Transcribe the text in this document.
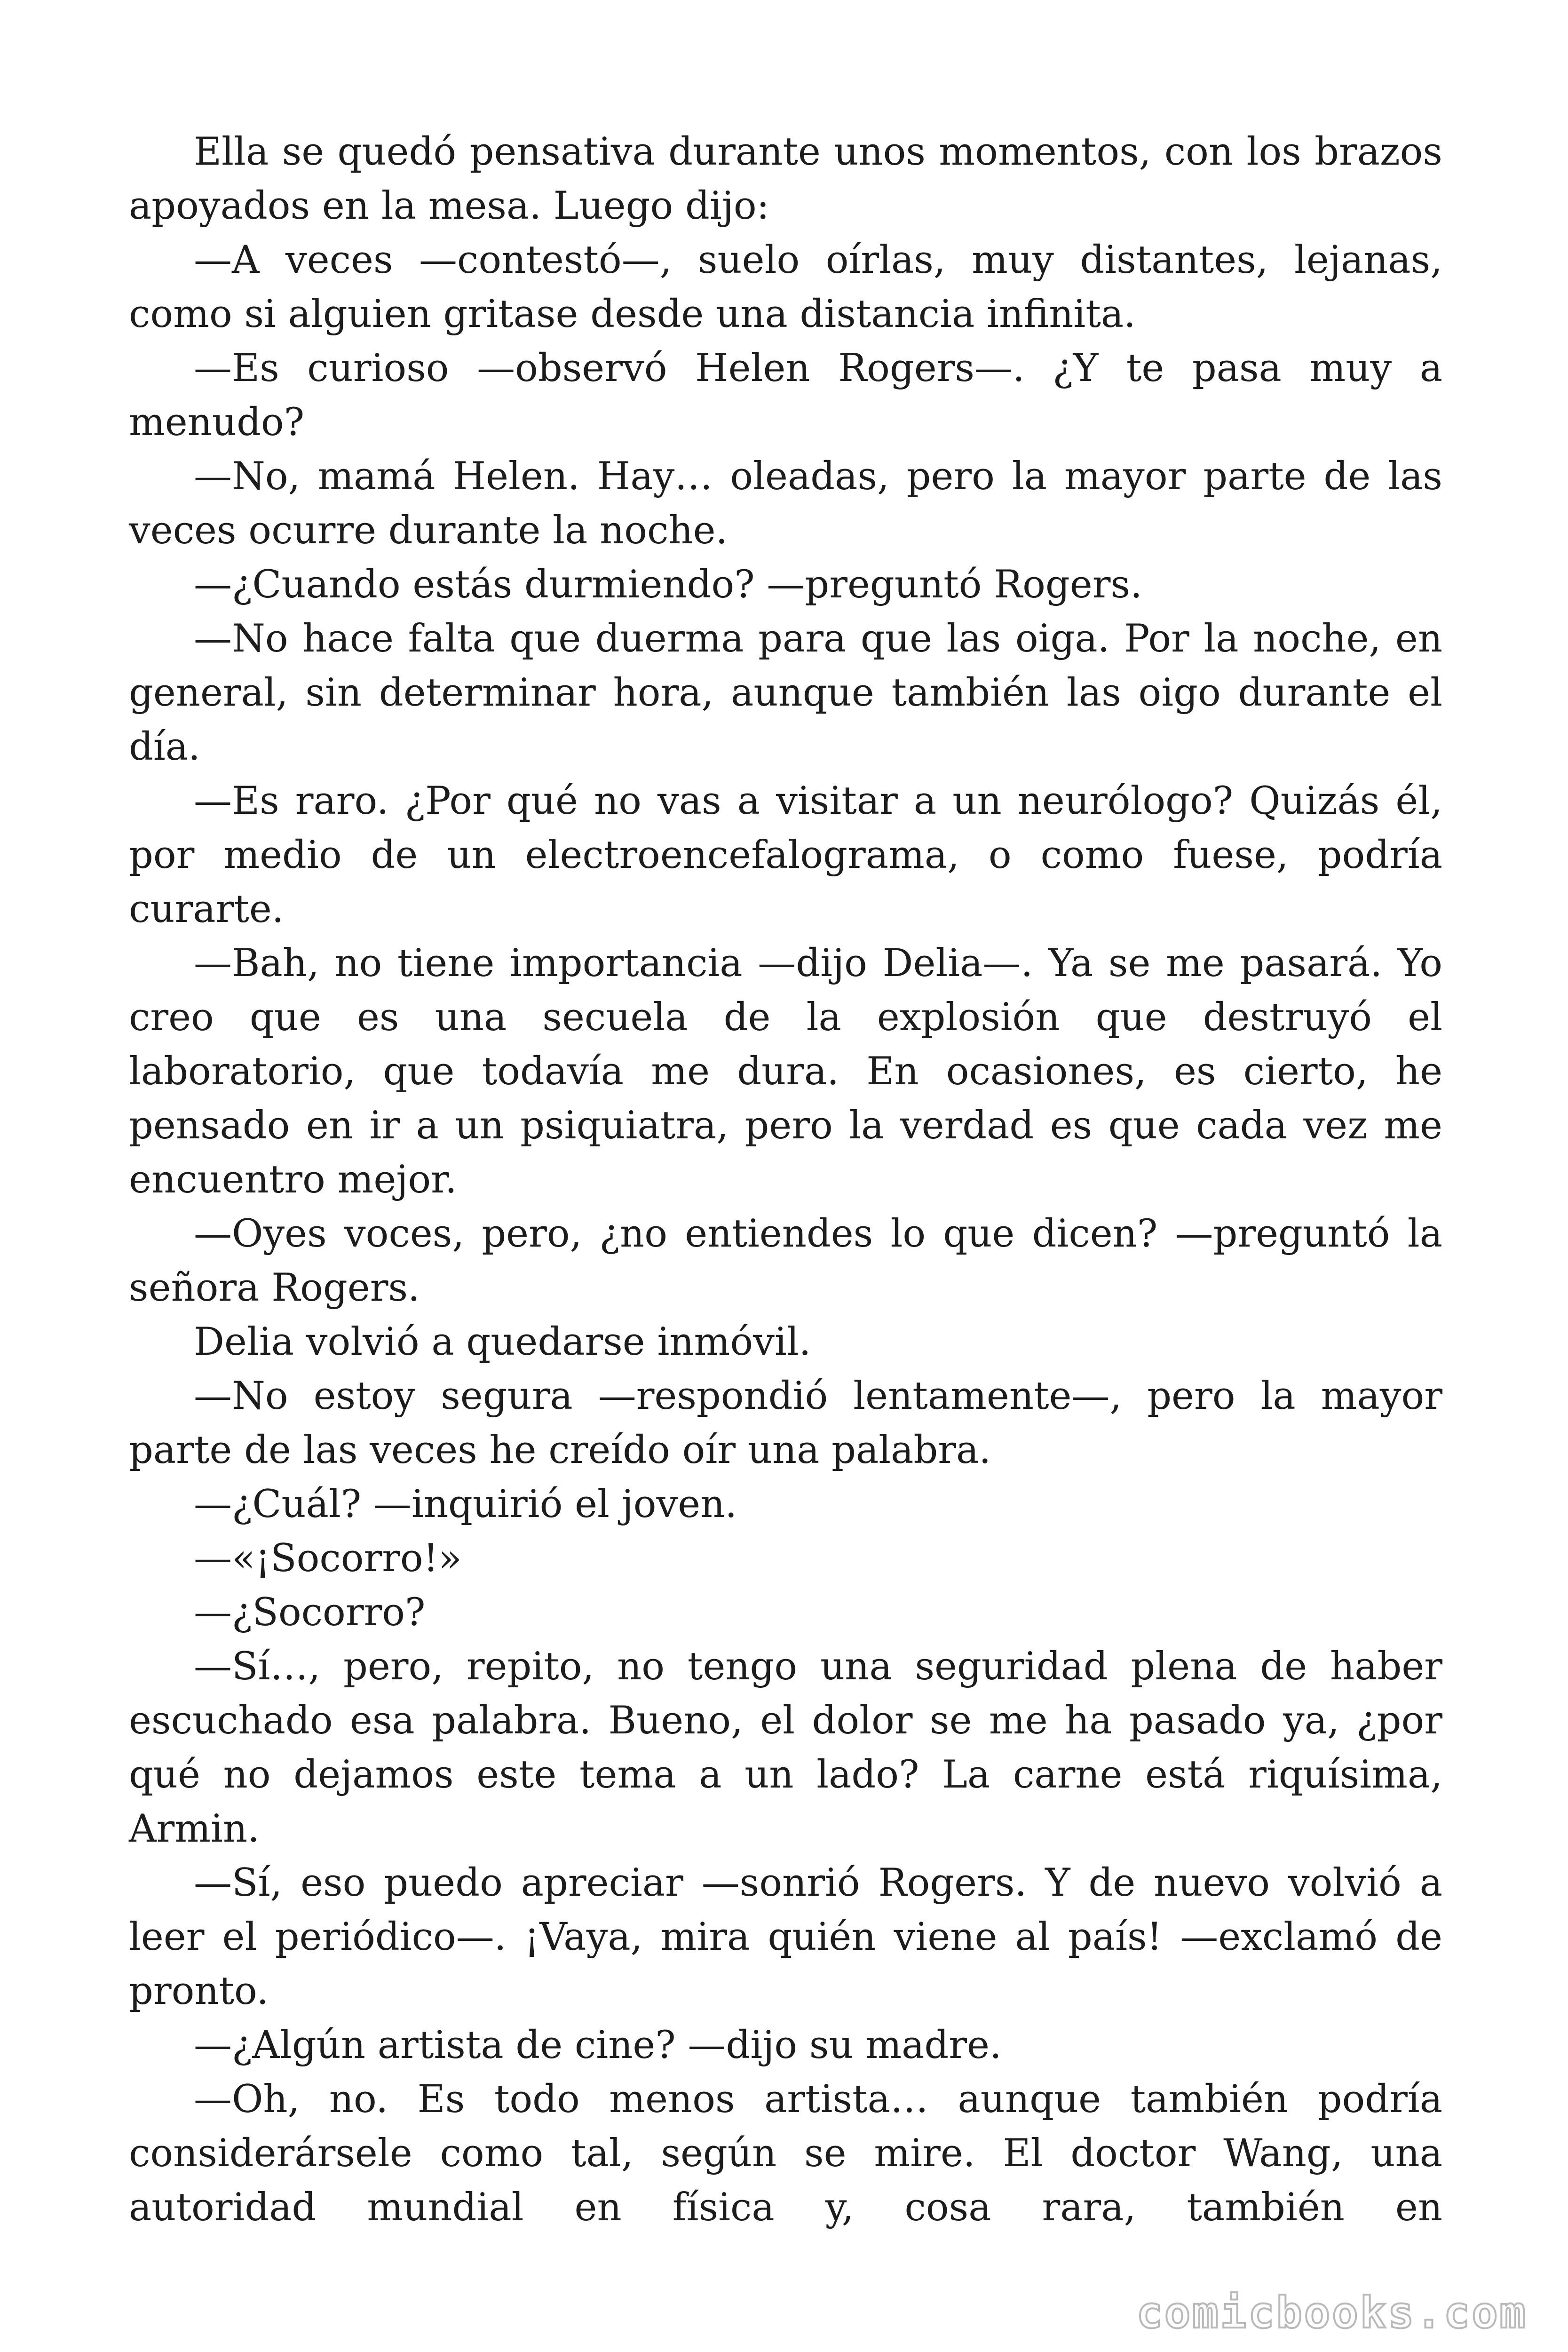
Ella se quedó pensativa durante unos momentos, con los brazos apoyados en la mesa. Luego dijo:

—A veces —contestó—, suelo oírlas, muy distantes, lejanas, como si alguien gritase desde una distancia infinita.

—Es curioso —observó Helen Rogers—. ¿Y te pasa muy a menudo?

—No, mamá Helen. Hay… oleadas, pero la mayor parte de las veces ocurre durante la noche.

—¿Cuando estás durmiendo? —preguntó Rogers.

—No hace falta que duerma para que las oiga. Por la noche, en general, sin determinar hora, aunque también las oigo durante el día.

—Es raro. ¿Por qué no vas a visitar a un neurólogo? Quizás él, por medio de un electroencefalograma, o como fuese, podría curarte.

—Bah, no tiene importancia —dijo Delia—. Ya se me pasará. Yo creo que es una secuela de la explosión que destruyó el laboratorio, que todavía me dura. En ocasiones, es cierto, he pensado en ir a un psiquiatra, pero la verdad es que cada vez me encuentro mejor.

—Oyes voces, pero, ¿no entiendes lo que dicen? —preguntó la señora Rogers.

Delia volvió a quedarse inmóvil.

—No estoy segura —respondió lentamente—, pero la mayor parte de las veces he creído oír una palabra.

—¿Cuál? —inquirió el joven.

—«¡Socorro!»

—¿Socorro?

—Sí…, pero, repito, no tengo una seguridad plena de haber escuchado esa palabra. Bueno, el dolor se me ha pasado ya, ¿por qué no dejamos este tema a un lado? La carne está riquísima, Armin.

—Sí, eso puedo apreciar —sonrió Rogers. Y de nuevo volvió a leer el periódico—. ¡Vaya, mira quién viene al país! —exclamó de pronto.

—¿Algún artista de cine? —dijo su madre.

—Oh, no. Es todo menos artista… aunque también podría considerársele como tal, según se mire. El doctor Wang, una autoridad mundial en física y, cosa rara, también en

comicbooks.com
